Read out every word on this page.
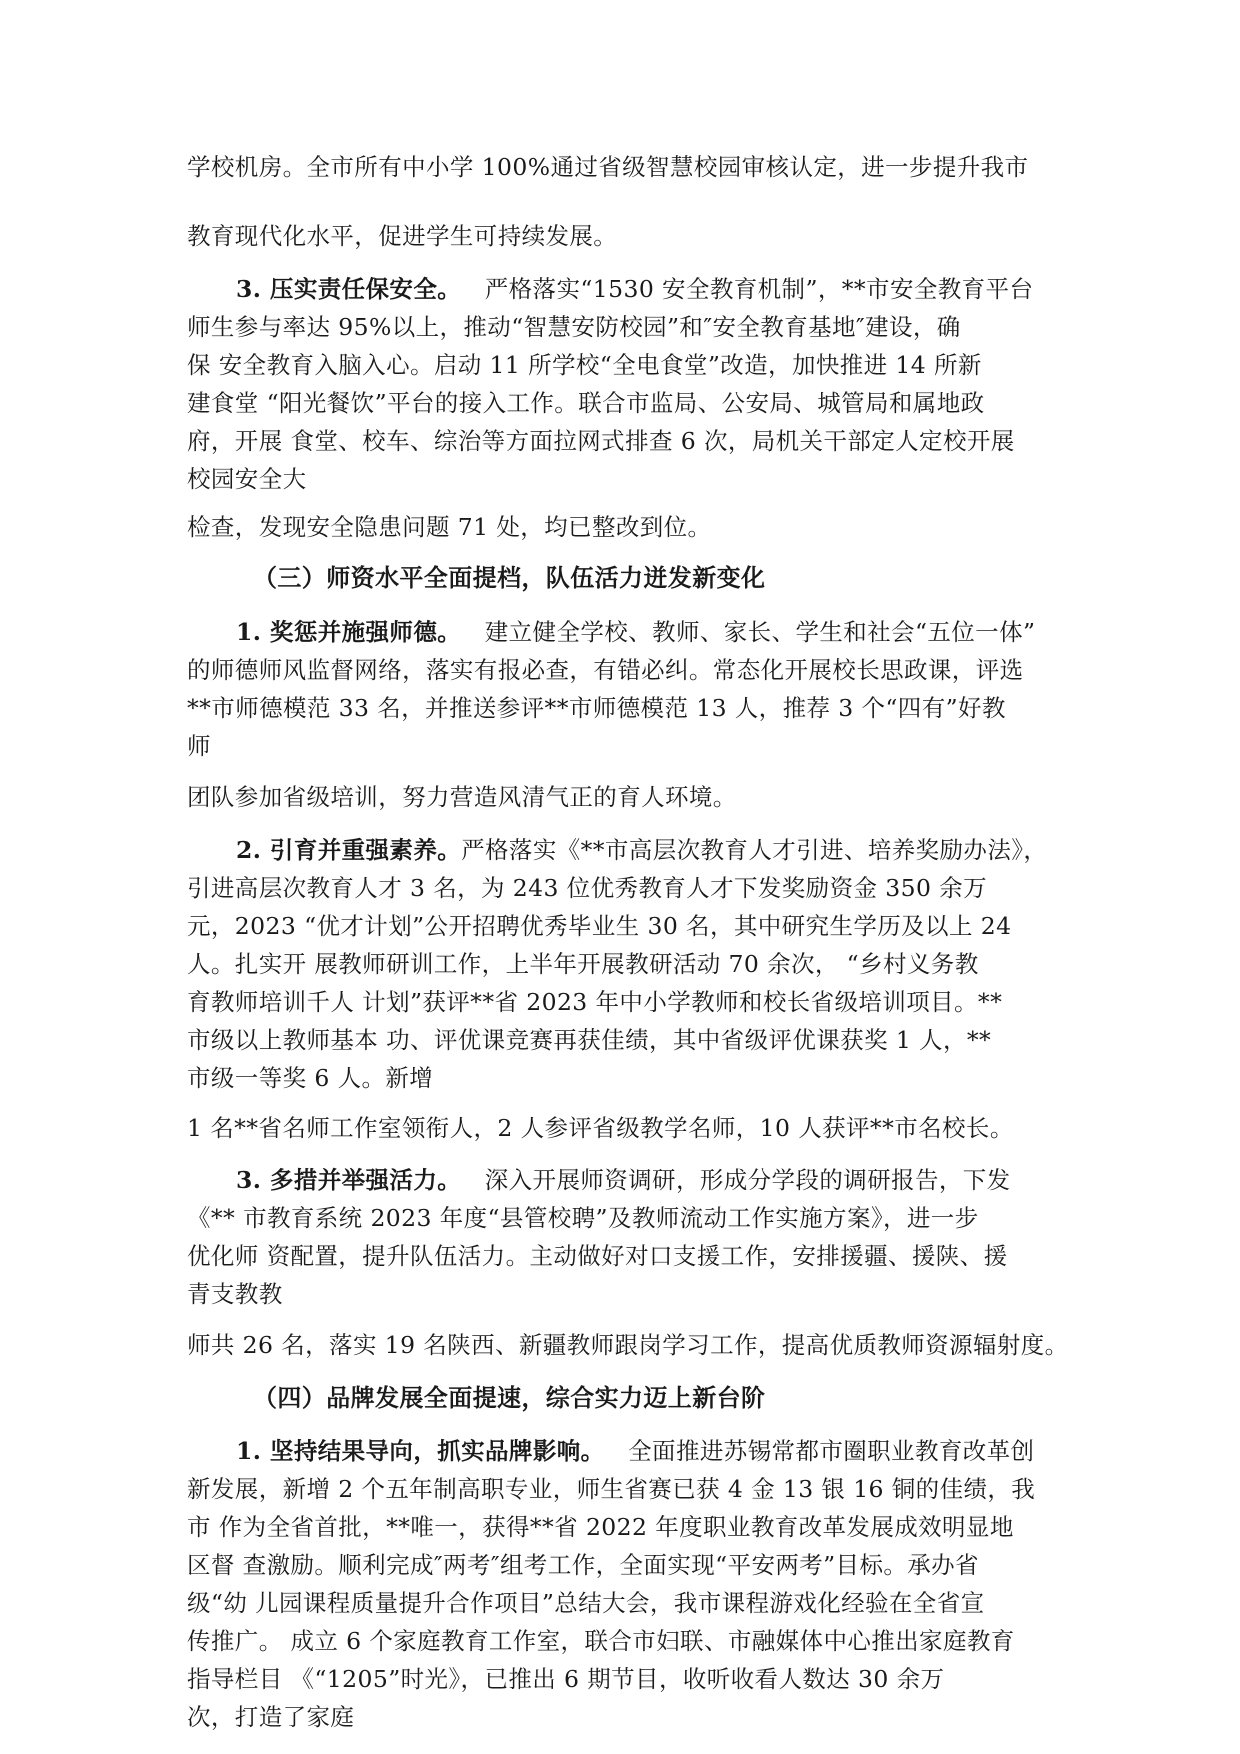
学校机房。全市所有中小学 100%通过省级智慧校园审核认定，进一步提升我市
教育现代化水平，促进学生可持续发展。
3. 压实责任保安全。 严格落实“1530 安全教育机制”，**市安全教育平台
师生参与率达 95%以上，推动“智慧安防校园”和″安全教育基地″建设，确
保 安全教育入脑入心。启动 11 所学校“全电食堂”改造，加快推进 14 所新
建食堂 “阳光餐饮”平台的接入工作。联合市监局、公安局、城管局和属地政
府，开展 食堂、校车、综治等方面拉网式排查 6 次，局机关干部定人定校开展
校园安全大
检查，发现安全隐患问题 71 处，均已整改到位。
（三）师资水平全面提档，队伍活力迸发新变化
1. 奖惩并施强师德。 建立健全学校、教师、家长、学生和社会“五位一体”
的师德师风监督网络，落实有报必查，有错必纠。常态化开展校长思政课，评选
**市师德模范 33 名，并推送参评**市师德模范 13 人，推荐 3 个“四有”好教
师
团队参加省级培训，努力营造风清气正的育人环境。
2. 引育并重强素养。严格落实《**市高层次教育人才引进、培养奖励办法》，
引进高层次教育人才 3 名，为 243 位优秀教育人才下发奖励资金 350 余万
元，2023 “优才计划”公开招聘优秀毕业生 30 名，其中研究生学历及以上 24
人。扎实开 展教师研训工作，上半年开展教研活动 70 余次， “乡村义务教
育教师培训千人 计划”获评**省 2023 年中小学教师和校长省级培训项目。**
市级以上教师基本 功、评优课竞赛再获佳绩，其中省级评优课获奖 1 人，**
市级一等奖 6 人。新增
1 名**省名师工作室领衔人，2 人参评省级教学名师，10 人获评**市名校长。
3. 多措并举强活力。 深入开展师资调研，形成分学段的调研报告，下发
《** 市教育系统 2023 年度“县管校聘”及教师流动工作实施方案》，进一步
优化师 资配置，提升队伍活力。主动做好对口支援工作，安排援疆、援陕、援
青支教教
师共 26 名，落实 19 名陕西、新疆教师跟岗学习工作，提高优质教师资源辐射度。
（四）品牌发展全面提速，综合实力迈上新台阶
1. 坚持结果导向，抓实品牌影响。 全面推进苏锡常都市圈职业教育改革创
新发展，新增 2 个五年制高职专业，师生省赛已获 4 金 13 银 16 铜的佳绩，我
市 作为全省首批，**唯一，获得**省 2022 年度职业教育改革发展成效明显地
区督 查激励。顺利完成″两考″组考工作，全面实现“平安两考”目标。承办省
级“幼 儿园课程质量提升合作项目”总结大会，我市课程游戏化经验在全省宣
传推广。 成立 6 个家庭教育工作室，联合市妇联、市融媒体中心推出家庭教育
指导栏目 《“1205”时光》，已推出 6 期节目，收听收看人数达 30 余万
次，打造了家庭
